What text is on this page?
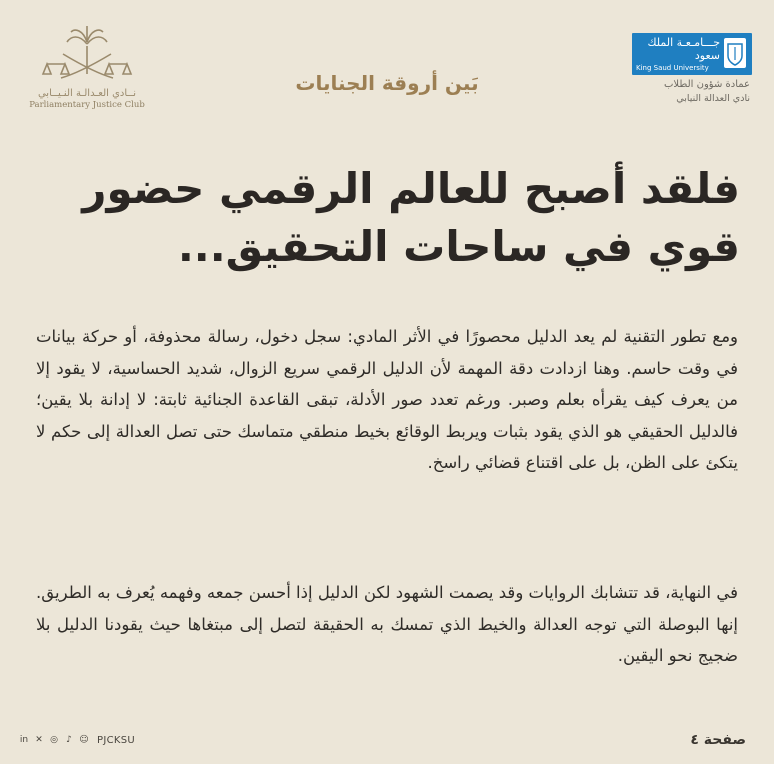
نــادي العـدالـة النـيــابي
Parliamentary Justice Club
جـــامـعـة الملك سعود
King Saud University
عمادة شؤون الطلاب
نادي العدالة النيابي
بَين أروقة الجنايات
فلقد أصبح للعالم الرقمي حضور قوي في ساحات التحقيق...
ومع تطور التقنية لم يعد الدليل محصورًا في الأثر المادي: سجل دخول، رسالة محذوفة، أو حركة بيانات في وقت حاسم. وهنا ازدادت دقة المهمة لأن الدليل الرقمي سريع الزوال، شديد الحساسية، لا يقود إلا من يعرف كيف يقرأه بعلم وصبر. ورغم تعدد صور الأدلة، تبقى القاعدة الجنائية ثابتة: لا إدانة بلا يقين؛ فالدليل الحقيقي هو الذي يقود بثبات ويربط الوقائع بخيط منطقي متماسك حتى تصل العدالة إلى حكم لا يتكئ على الظن، بل على اقتناع قضائي راسخ.
في النهاية، قد تتشابك الروايات وقد يصمت الشهود لكن الدليل إذا أحسن جمعه وفهمه يُعرف به الطريق. إنها البوصلة التي توجه العدالة والخيط الذي تمسك به الحقيقة لتصل إلى مبتغاها حيث يقودنا الدليل بلا ضجيج نحو اليقين.
in ✕ ◎ ♪ ☺ PJCKSU	صفحة ٤
